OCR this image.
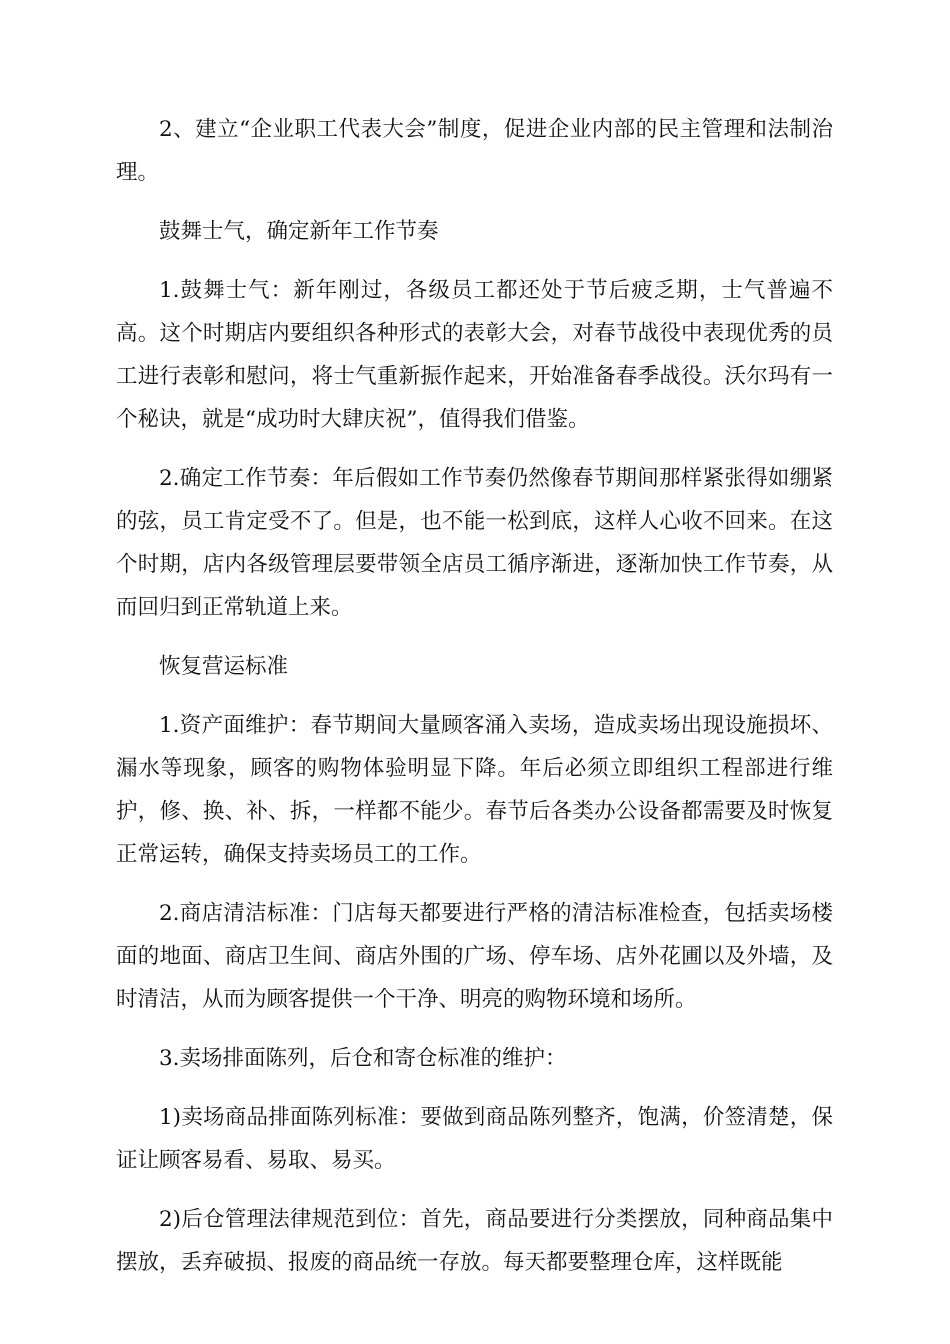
2、建立“企业职工代表大会”制度，促进企业内部的民主管理和法制治理。

鼓舞士气，确定新年工作节奏

1.鼓舞士气：新年刚过，各级员工都还处于节后疲乏期，士气普遍不高。这个时期店内要组织各种形式的表彰大会，对春节战役中表现优秀的员工进行表彰和慰问，将士气重新振作起来，开始准备春季战役。沃尔玛有一个秘诀，就是“成功时大肆庆祝”，值得我们借鉴。

2.确定工作节奏：年后假如工作节奏仍然像春节期间那样紧张得如绷紧的弦，员工肯定受不了。但是，也不能一松到底，这样人心收不回来。在这个时期，店内各级管理层要带领全店员工循序渐进，逐渐加快工作节奏，从而回归到正常轨道上来。

恢复营运标准

1.资产面维护：春节期间大量顾客涌入卖场，造成卖场出现设施损坏、漏水等现象，顾客的购物体验明显下降。年后必须立即组织工程部进行维护，修、换、补、拆，一样都不能少。春节后各类办公设备都需要及时恢复正常运转，确保支持卖场员工的工作。

2.商店清洁标准：门店每天都要进行严格的清洁标准检查，包括卖场楼面的地面、商店卫生间、商店外围的广场、停车场、店外花圃以及外墙，及时清洁，从而为顾客提供一个干净、明亮的购物环境和场所。

3.卖场排面陈列，后仓和寄仓标准的维护：

1)卖场商品排面陈列标准：要做到商品陈列整齐，饱满，价签清楚，保证让顾客易看、易取、易买。

2)后仓管理法律规范到位：首先，商品要进行分类摆放，同种商品集中摆放，丢弃破损、报废的商品统一存放。每天都要整理仓库，这样既能
